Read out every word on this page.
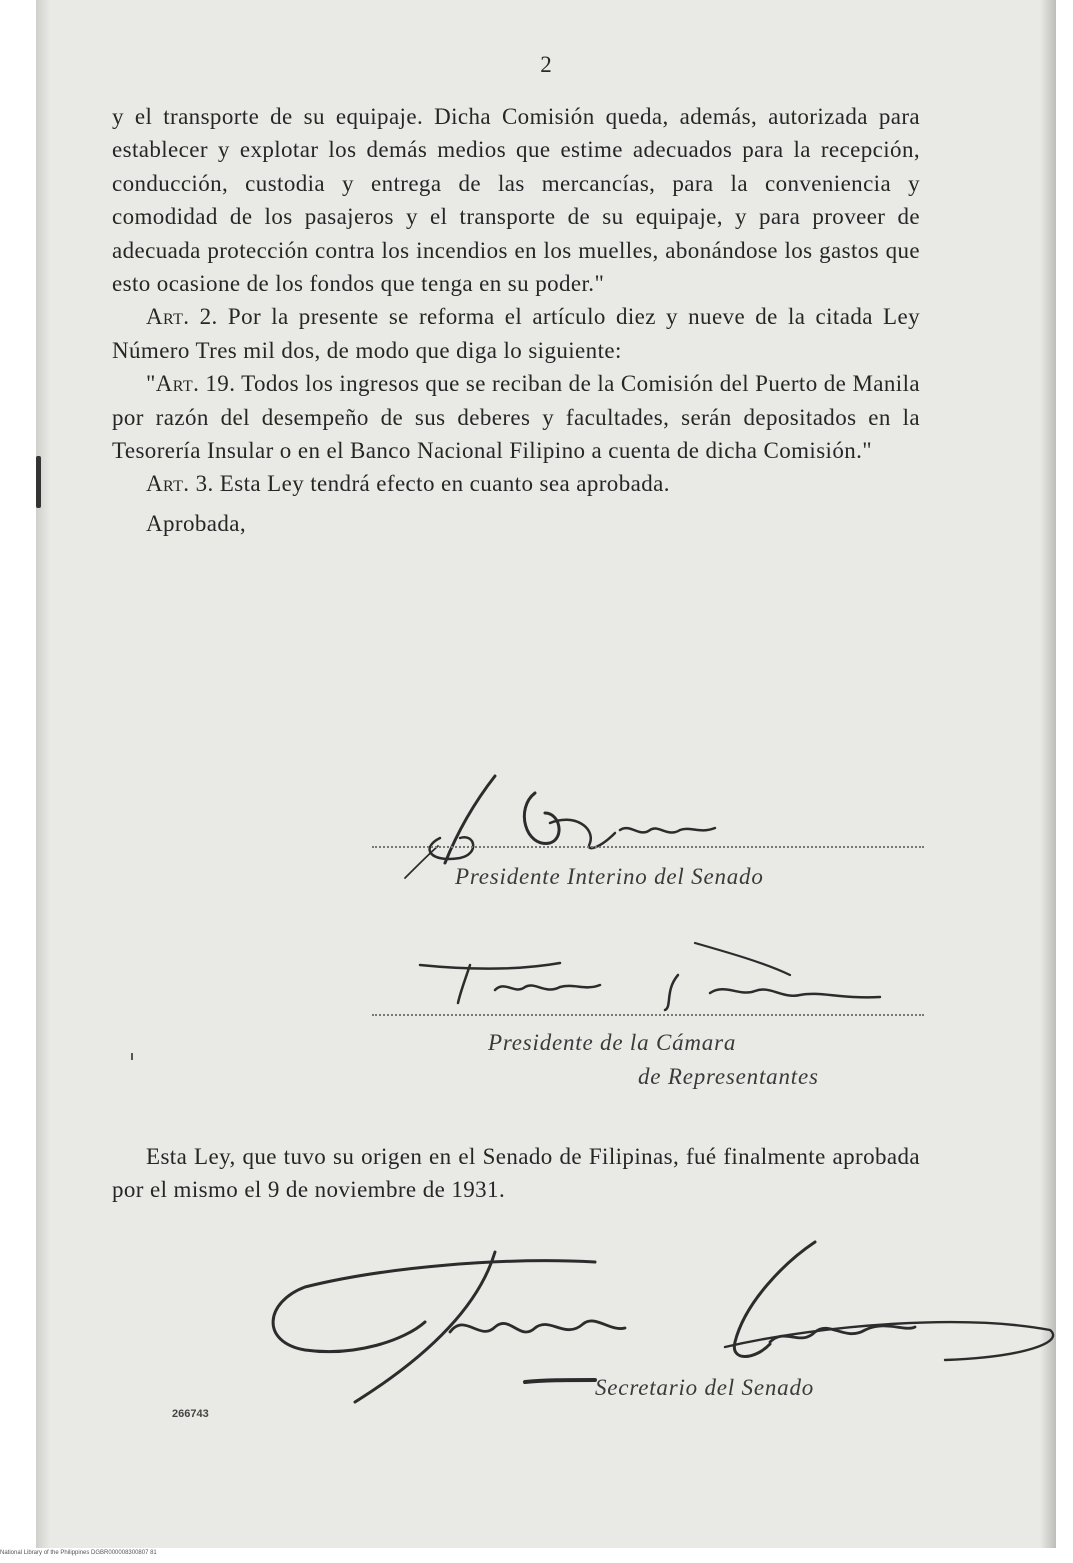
2

y el transporte de su equipaje. Dicha Comisión queda, además, autorizada para establecer y explotar los demás medios que estime adecuados para la recepción, conducción, custodia y entrega de las mercancías, para la conveniencia y comodidad de los pasajeros y el transporte de su equipaje, y para proveer de adecuada protección contra los incendios en los muelles, abonándose los gastos que esto ocasione de los fondos que tenga en su poder."

Art. 2. Por la presente se reforma el artículo diez y nueve de la citada Ley Número Tres mil dos, de modo que diga lo siguiente:

"Art. 19. Todos los ingresos que se reciban de la Comisión del Puerto de Manila por razón del desempeño de sus deberes y facultades, serán depositados en la Tesorería Insular o en el Banco Nacional Filipino a cuenta de dicha Comisión."

Art. 3. Esta Ley tendrá efecto en cuanto sea aprobada.

Aprobada,

Presidente Interino del Senado
Presidente de la Cámara
de Representantes

Esta Ley, que tuvo su origen en el Senado de Filipinas, fué finalmente aprobada por el mismo el 9 de noviembre de 1931.

Secretario del Senado
266743
National Library of the Philippines DGBR000008300807 81
